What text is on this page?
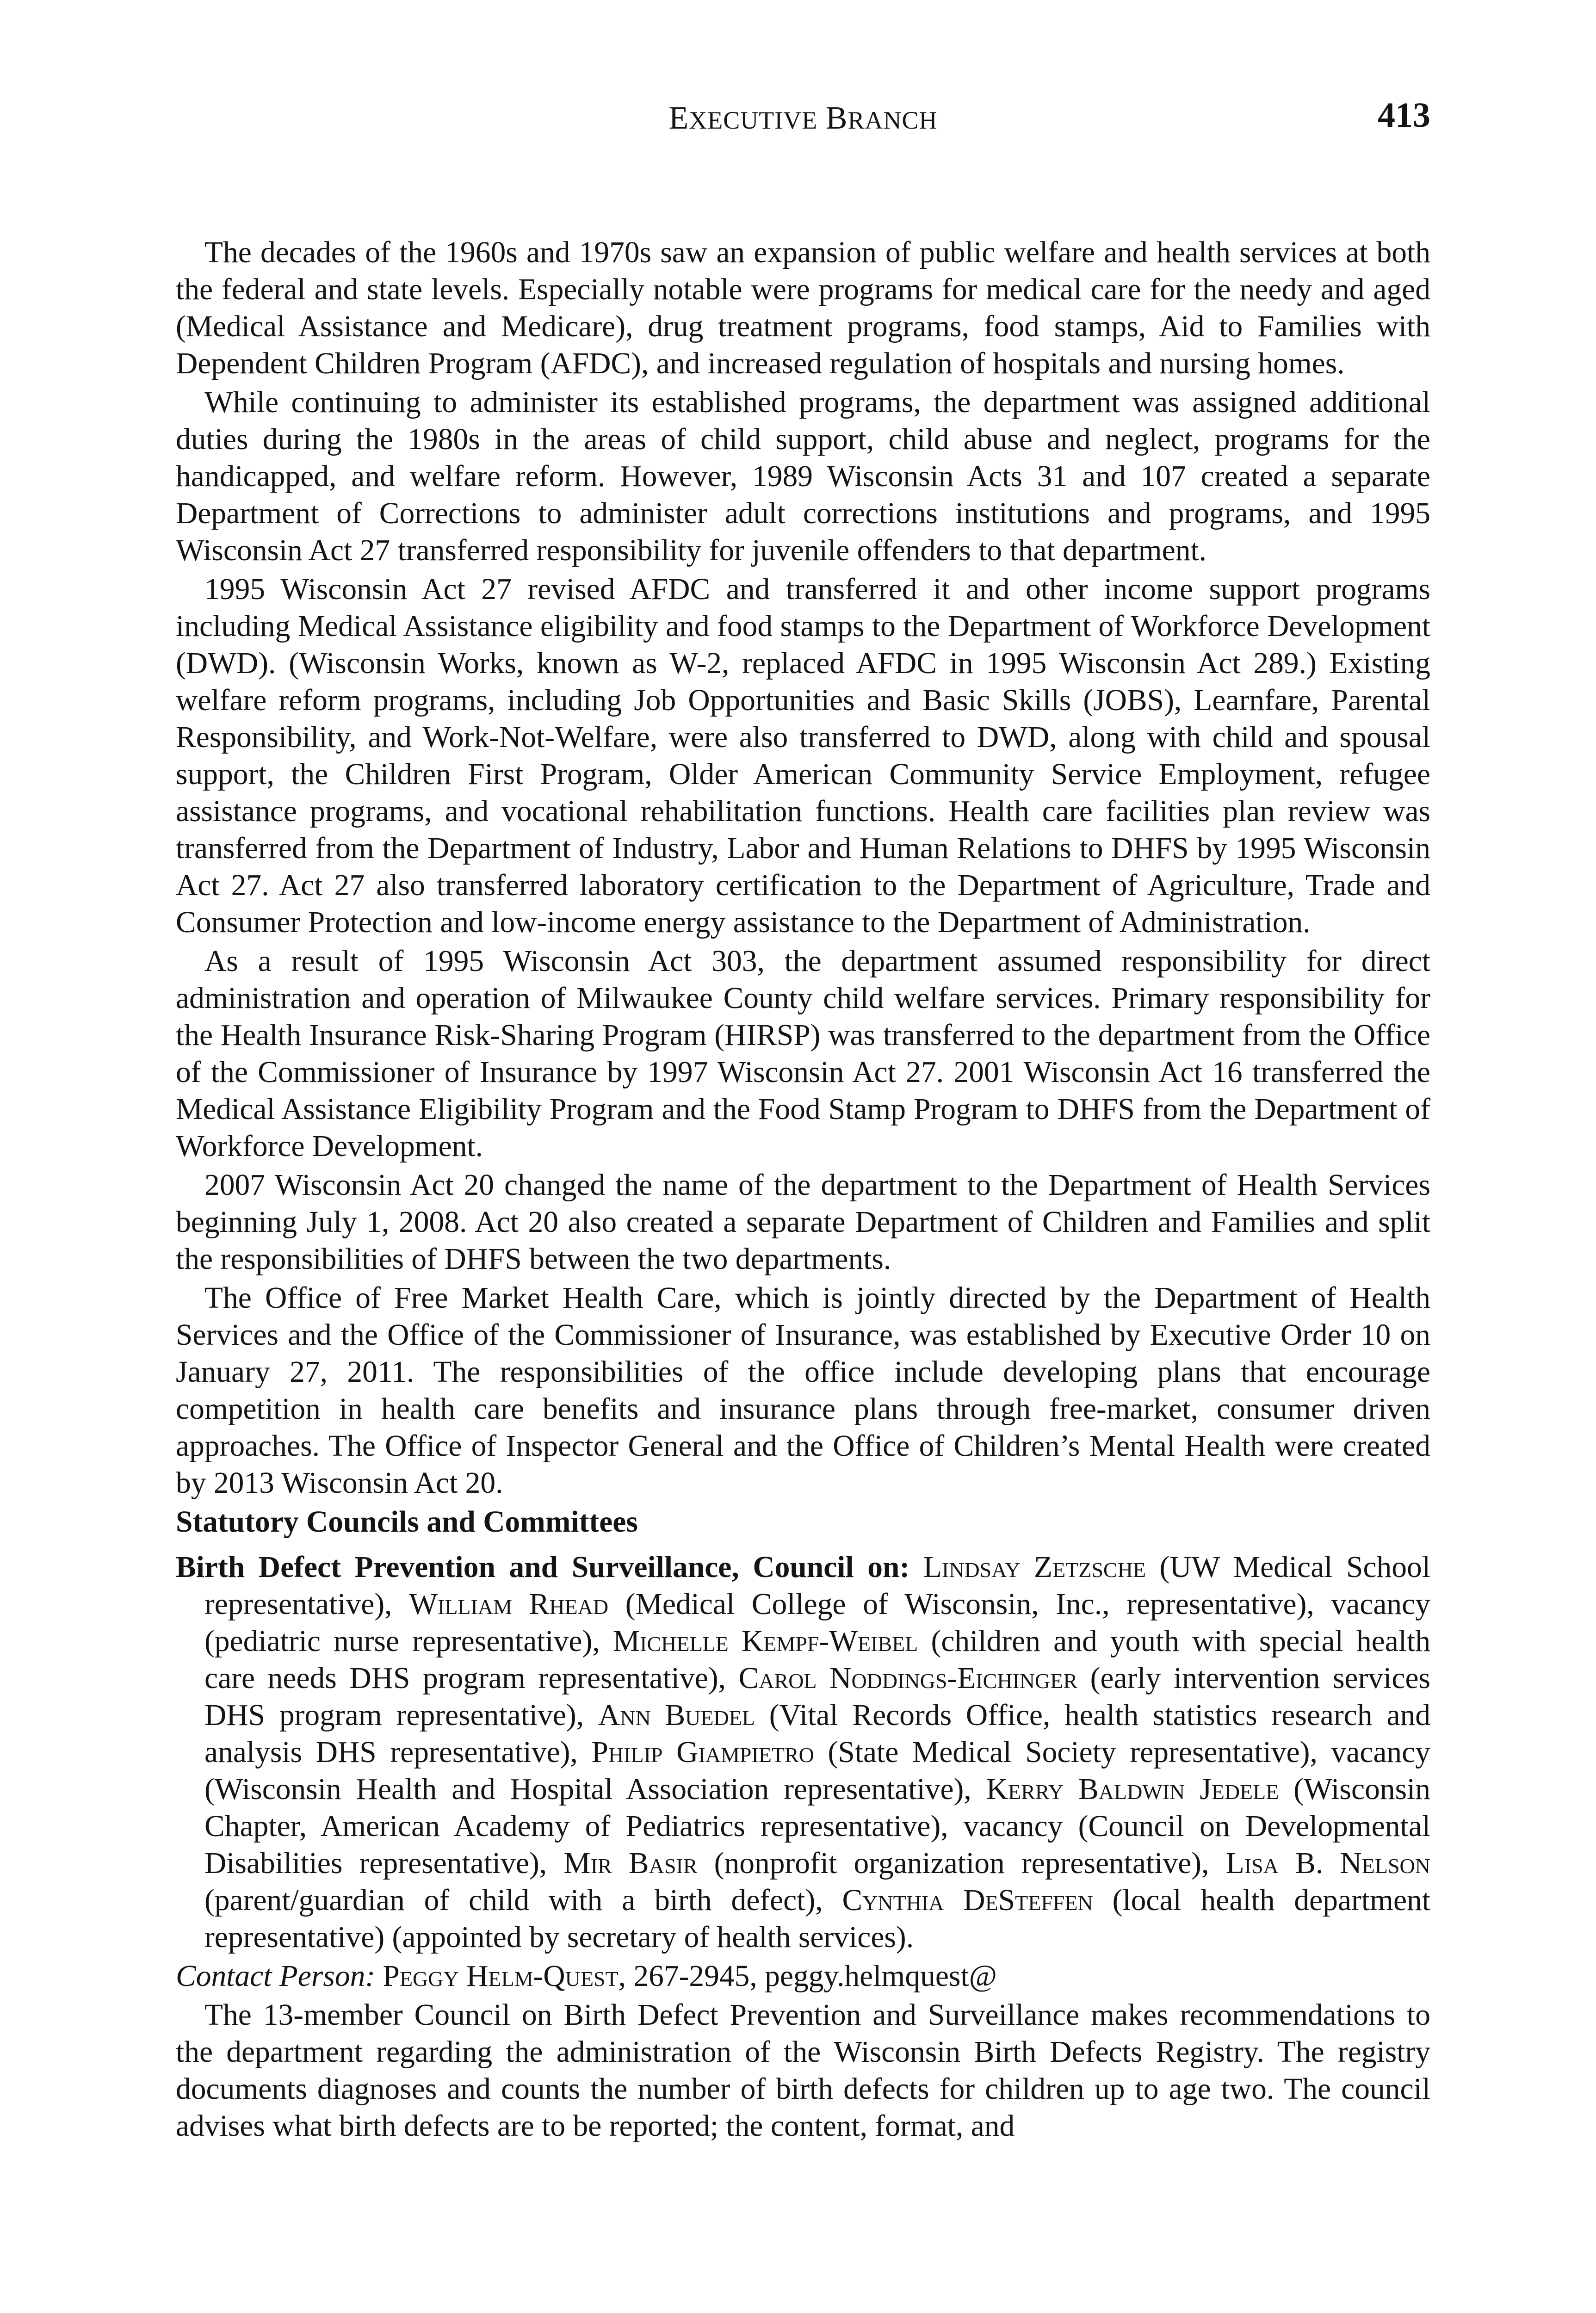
EXECUTIVE BRANCH	413

The decades of the 1960s and 1970s saw an expansion of public welfare and health services at both the federal and state levels. Especially notable were programs for medical care for the needy and aged (Medical Assistance and Medicare), drug treatment programs, food stamps, Aid to Families with Dependent Children Program (AFDC), and increased regulation of hospitals and nursing homes.

While continuing to administer its established programs, the department was assigned additional duties during the 1980s in the areas of child support, child abuse and neglect, programs for the handicapped, and welfare reform. However, 1989 Wisconsin Acts 31 and 107 created a separate Department of Corrections to administer adult corrections institutions and programs, and 1995 Wisconsin Act 27 transferred responsibility for juvenile offenders to that department.

1995 Wisconsin Act 27 revised AFDC and transferred it and other income support programs including Medical Assistance eligibility and food stamps to the Department of Workforce Development (DWD). (Wisconsin Works, known as W-2, replaced AFDC in 1995 Wisconsin Act 289.) Existing welfare reform programs, including Job Opportunities and Basic Skills (JOBS), Learnfare, Parental Responsibility, and Work-Not-Welfare, were also transferred to DWD, along with child and spousal support, the Children First Program, Older American Community Service Employment, refugee assistance programs, and vocational rehabilitation functions. Health care facilities plan review was transferred from the Department of Industry, Labor and Human Relations to DHFS by 1995 Wisconsin Act 27. Act 27 also transferred laboratory certification to the Department of Agriculture, Trade and Consumer Protection and low-income energy assistance to the Department of Administration.

As a result of 1995 Wisconsin Act 303, the department assumed responsibility for direct administration and operation of Milwaukee County child welfare services. Primary responsibility for the Health Insurance Risk-Sharing Program (HIRSP) was transferred to the department from the Office of the Commissioner of Insurance by 1997 Wisconsin Act 27. 2001 Wisconsin Act 16 transferred the Medical Assistance Eligibility Program and the Food Stamp Program to DHFS from the Department of Workforce Development.

2007 Wisconsin Act 20 changed the name of the department to the Department of Health Services beginning July 1, 2008. Act 20 also created a separate Department of Children and Families and split the responsibilities of DHFS between the two departments.

The Office of Free Market Health Care, which is jointly directed by the Department of Health Services and the Office of the Commissioner of Insurance, was established by Executive Order 10 on January 27, 2011. The responsibilities of the office include developing plans that encourage competition in health care benefits and insurance plans through free-market, consumer driven approaches. The Office of Inspector General and the Office of Children’s Mental Health were created by 2013 Wisconsin Act 20.

Statutory Councils and Committees
Birth Defect Prevention and Surveillance, Council on: Lindsay Zetzsche (UW Medical School representative), William Rhead (Medical College of Wisconsin, Inc., representative), vacancy (pediatric nurse representative), Michelle Kempf-Weibel (children and youth with special health care needs DHS program representative), Carol Noddings-Eichinger (early intervention services DHS program representative), Ann Buedel (Vital Records Office, health statistics research and analysis DHS representative), Philip Giampietro (State Medical Society representative), vacancy (Wisconsin Health and Hospital Association representative), Kerry Baldwin Jedele (Wisconsin Chapter, American Academy of Pediatrics representative), vacancy (Council on Developmental Disabilities representative), Mir Basir (nonprofit organization representative), Lisa B. Nelson (parent/guardian of child with a birth defect), Cynthia DeSteffen (local health department representative) (appointed by secretary of health services).
Contact Person: Peggy Helm-Quest, 267-2945, peggy.helmquest@

The 13-member Council on Birth Defect Prevention and Surveillance makes recommendations to the department regarding the administration of the Wisconsin Birth Defects Registry. The registry documents diagnoses and counts the number of birth defects for children up to age two. The council advises what birth defects are to be reported; the content, format, and
